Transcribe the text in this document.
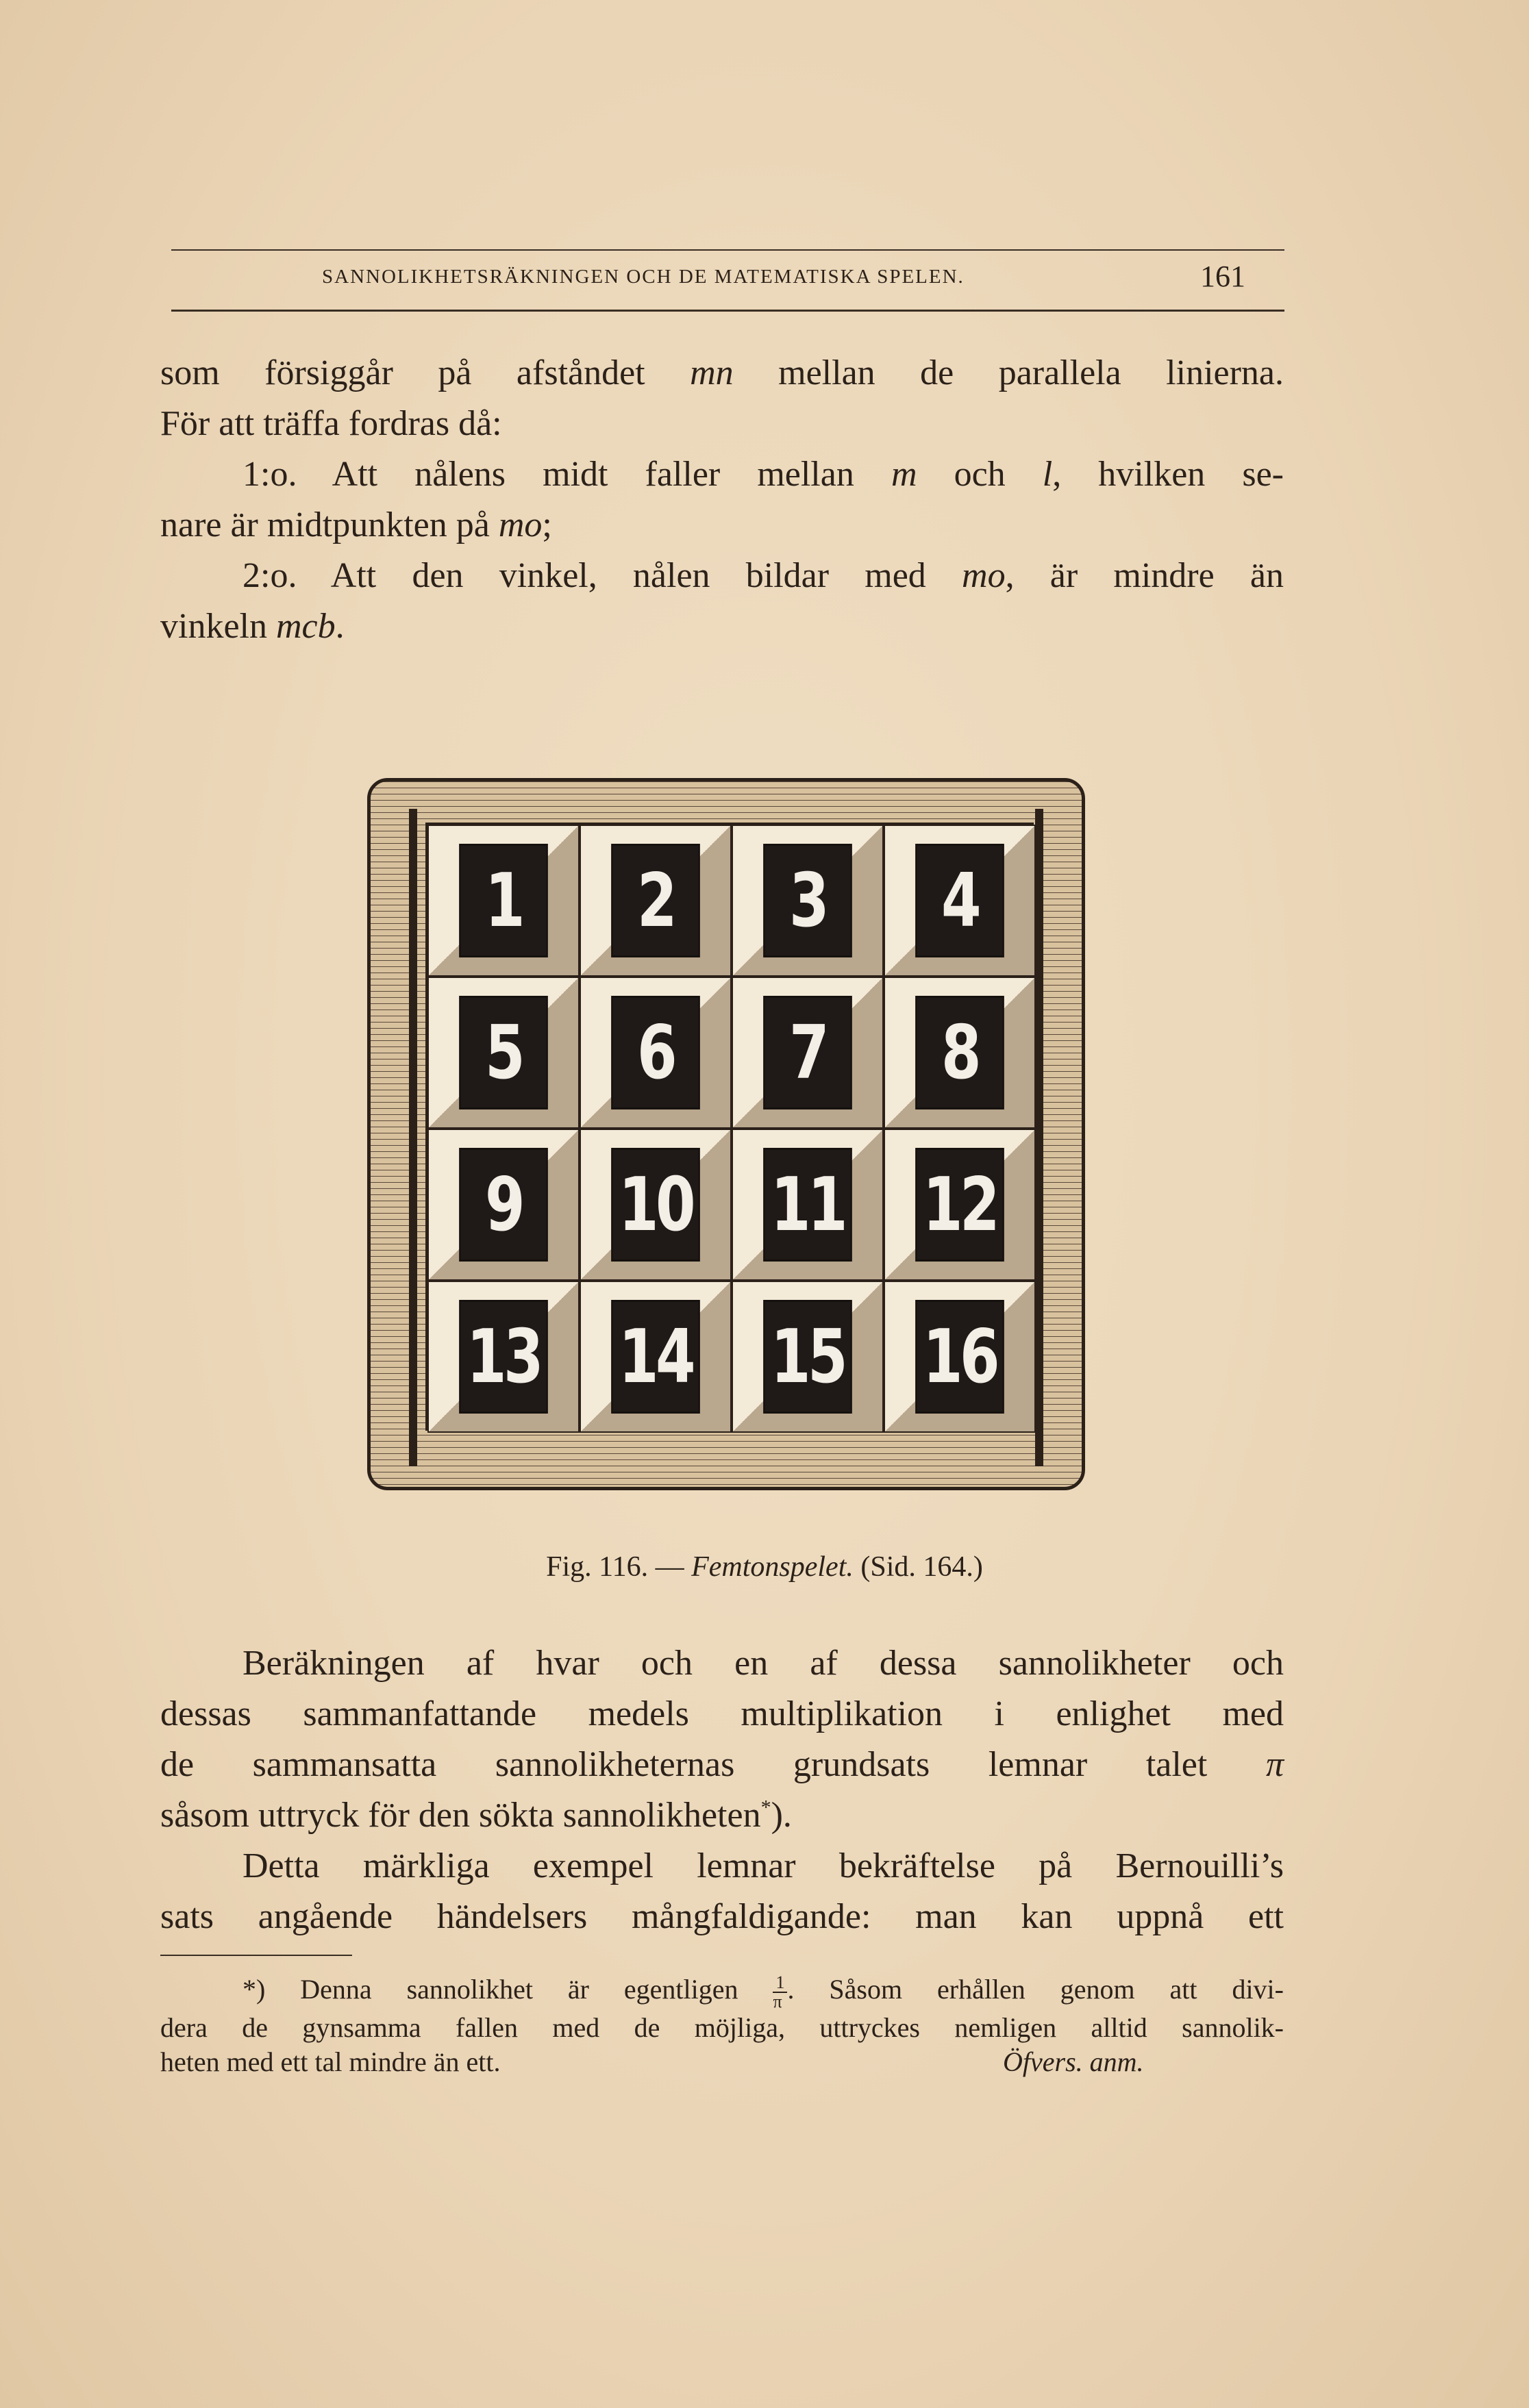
SANNOLIKHETSRÄKNINGEN OCH DE MATEMATISKA SPELEN.	161
som försiggår på afståndet mn mellan de parallela linierna.
För att träffa fordras då:
1:o. Att nålens midt faller mellan m och l, hvilken se-
nare är midtpunkten på mo;
2:o. Att den vinkel, nålen bildar med mo, är mindre än
vinkeln mcb.
1	2	3	4
5	6	7	8
9	10 11 12
13 14 15 16
Fig. 116. — Femtonspelet. (Sid. 164.)
Beräkningen af hvar och en af dessa sannolikheter och
dessas sammanfattande medels multiplikation i enlighet med
de sammansatta sannolikheternas grundsats lemnar talet π
såsom uttryck för den sökta sannolikheten*).
Detta märkliga exempel lemnar bekräftelse på Bernouilli’s
sats angående händelsers mångfaldigande: man kan uppnå ett
*) Denna sannolikhet är egentligen $\frac{1}{\pi}$ . Såsom erhållen genom att divi-
dera de gynsamma fallen med de möjliga, uttryckes nemligen alltid sannolik-
heten med ett tal mindre än ett.	Öfvers. anm.
